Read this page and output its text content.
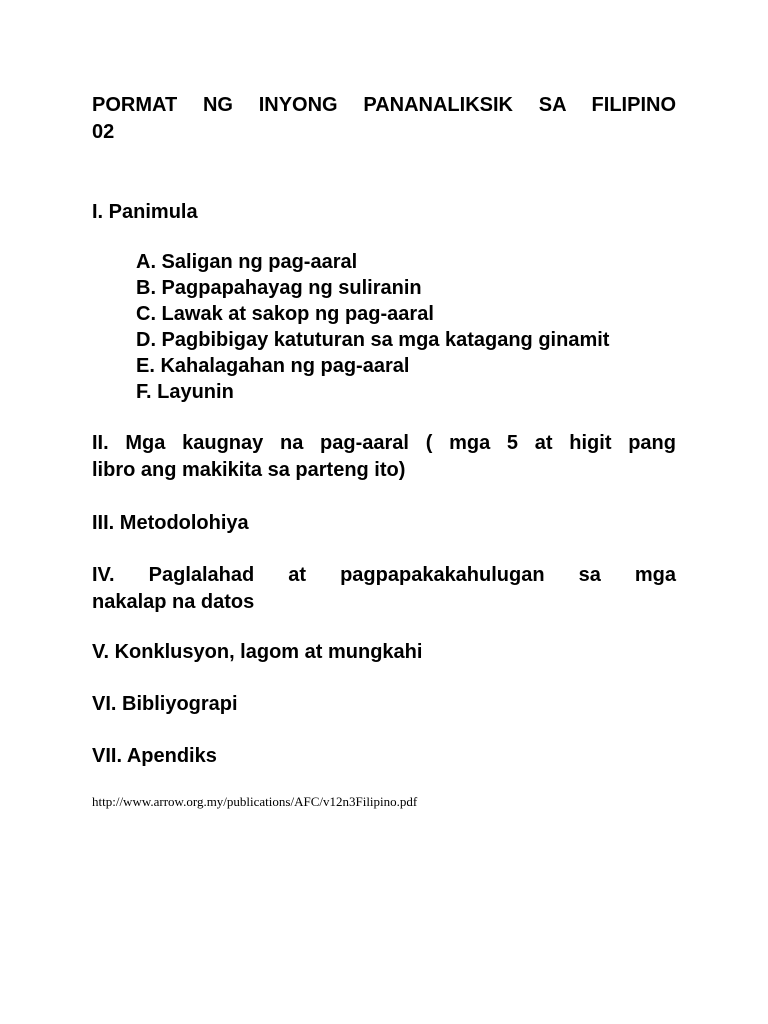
PORMAT NG INYONG PANANALIKSIK SA FILIPINO
02
I. Panimula
A. Saligan ng pag-aaral
B. Pagpapahayag ng suliranin
C. Lawak at sakop ng pag-aaral
D. Pagbibigay katuturan sa mga katagang ginamit
E. Kahalagahan ng pag-aaral
F. Layunin
II. Mga kaugnay na pag-aaral ( mga 5 at higit pang
libro ang makikita sa parteng ito)
III. Metodolohiya
IV. Paglalahad at pagpapakakahulugan sa mga
nakalap na datos
V. Konklusyon, lagom at mungkahi
VI. Bibliyograpi
VII. Apendiks
http://www.arrow.org.my/publications/AFC/v12n3Filipino.pdf
